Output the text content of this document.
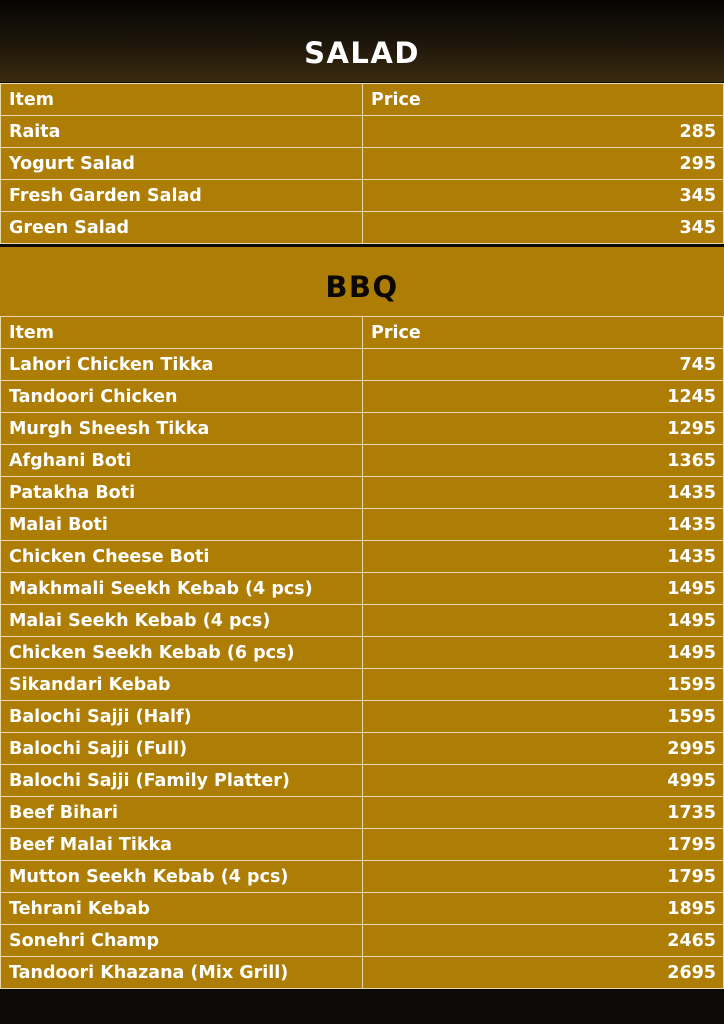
SALAD
Item	Price
Raita	285
Yogurt Salad	295
Fresh Garden Salad	345
Green Salad	345
BBQ
Item	Price
Lahori Chicken Tikka	745
Tandoori Chicken	1245
Murgh Sheesh Tikka	1295
Afghani Boti	1365
Patakha Boti	1435
Malai Boti	1435
Chicken Cheese Boti	1435
Makhmali Seekh Kebab (4 pcs)	1495
Malai Seekh Kebab (4 pcs)	1495
Chicken Seekh Kebab (6 pcs)	1495
Sikandari Kebab	1595
Balochi Sajji (Half)	1595
Balochi Sajji (Full)	2995
Balochi Sajji (Family Platter)	4995
Beef Bihari	1735
Beef Malai Tikka	1795
Mutton Seekh Kebab (4 pcs)	1795
Tehrani Kebab	1895
Sonehri Champ	2465
Tandoori Khazana (Mix Grill)	2695
